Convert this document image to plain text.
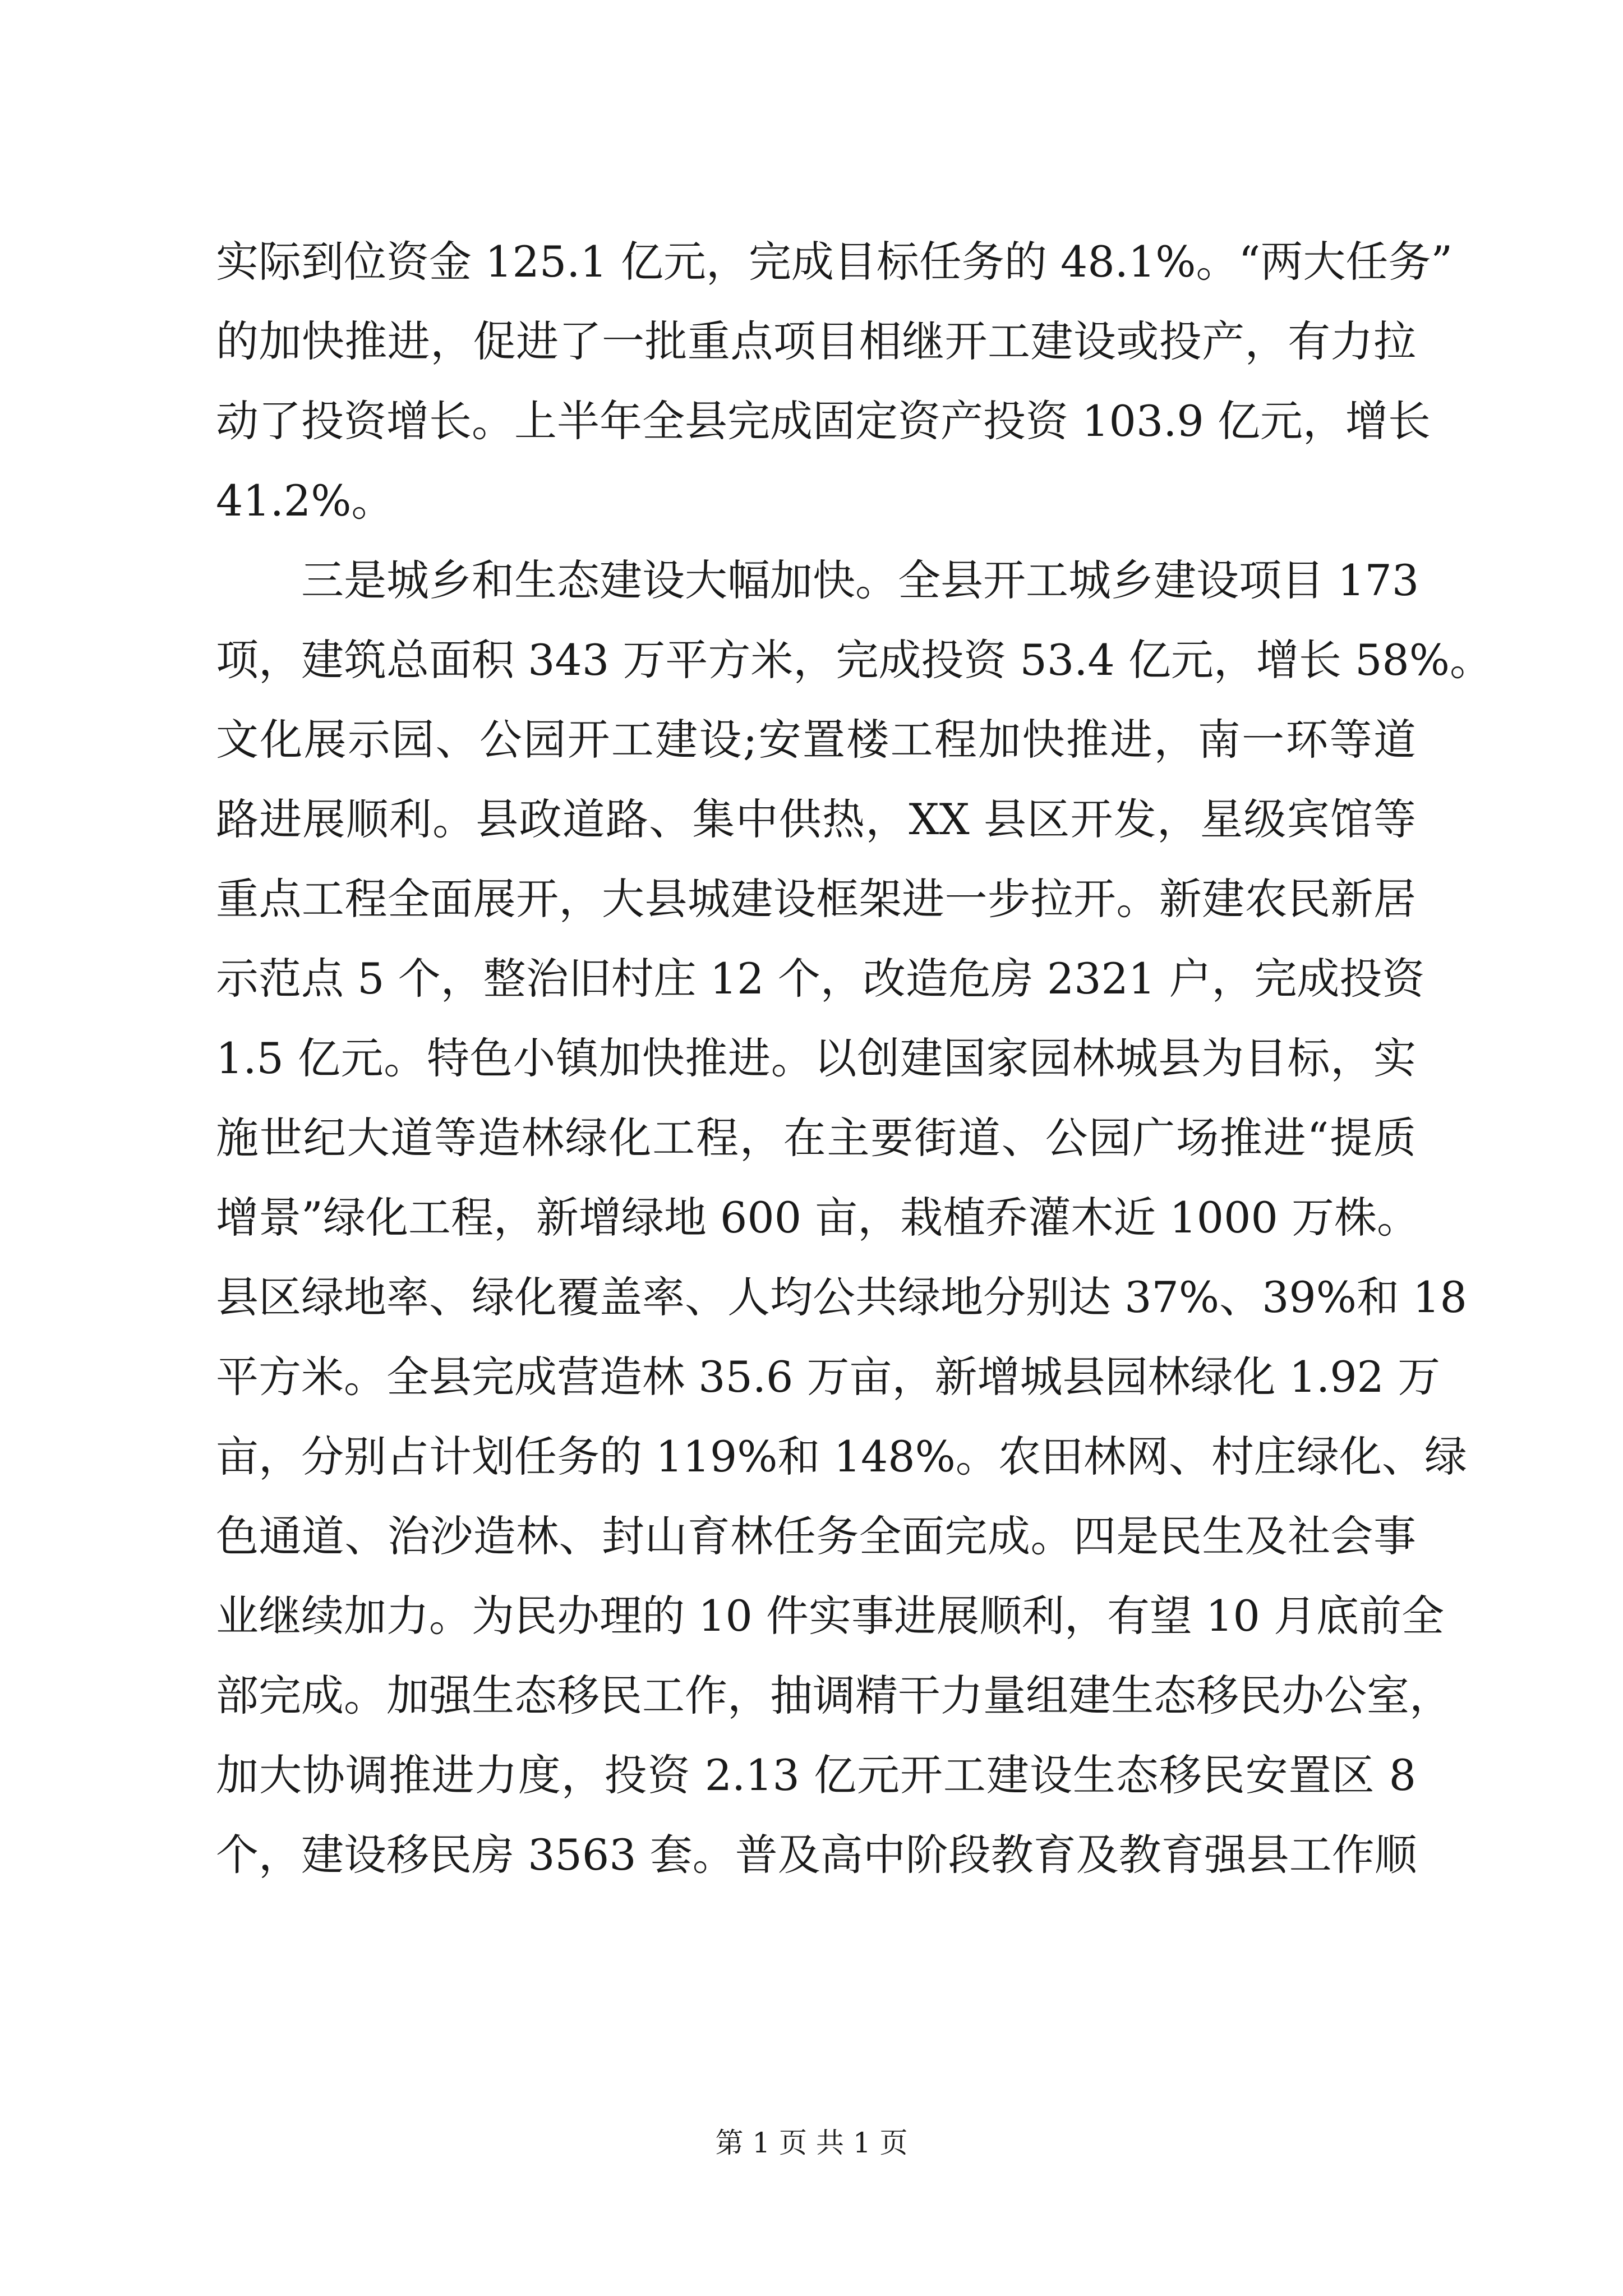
实际到位资金 125.1 亿元，完成目标任务的 48.1%。“两大任务”
的加快推进，促进了一批重点项目相继开工建设或投产，有力拉
动了投资增长。上半年全县完成固定资产投资 103.9 亿元，增长
41.2%。
　　三是城乡和生态建设大幅加快。全县开工城乡建设项目 173
项，建筑总面积 343 万平方米，完成投资 53.4 亿元，增长 58%。
文化展示园、公园开工建设;安置楼工程加快推进，南一环等道
路进展顺利。县政道路、集中供热，XX 县区开发，星级宾馆等
重点工程全面展开，大县城建设框架进一步拉开。新建农民新居
示范点 5 个，整治旧村庄 12 个，改造危房 2321 户，完成投资
1.5 亿元。特色小镇加快推进。以创建国家园林城县为目标，实
施世纪大道等造林绿化工程，在主要街道、公园广场推进“提质
增景”绿化工程，新增绿地 600 亩，栽植乔灌木近 1000 万株。
县区绿地率、绿化覆盖率、人均公共绿地分别达 37%、39%和 18
平方米。全县完成营造林 35.6 万亩，新增城县园林绿化 1.92 万
亩，分别占计划任务的 119%和 148%。农田林网、村庄绿化、绿
色通道、治沙造林、封山育林任务全面完成。四是民生及社会事
业继续加力。为民办理的 10 件实事进展顺利，有望 10 月底前全
部完成。加强生态移民工作，抽调精干力量组建生态移民办公室，
加大协调推进力度，投资 2.13 亿元开工建设生态移民安置区 8
个，建设移民房 3563 套。普及高中阶段教育及教育强县工作顺
第 1 页 共 1 页
